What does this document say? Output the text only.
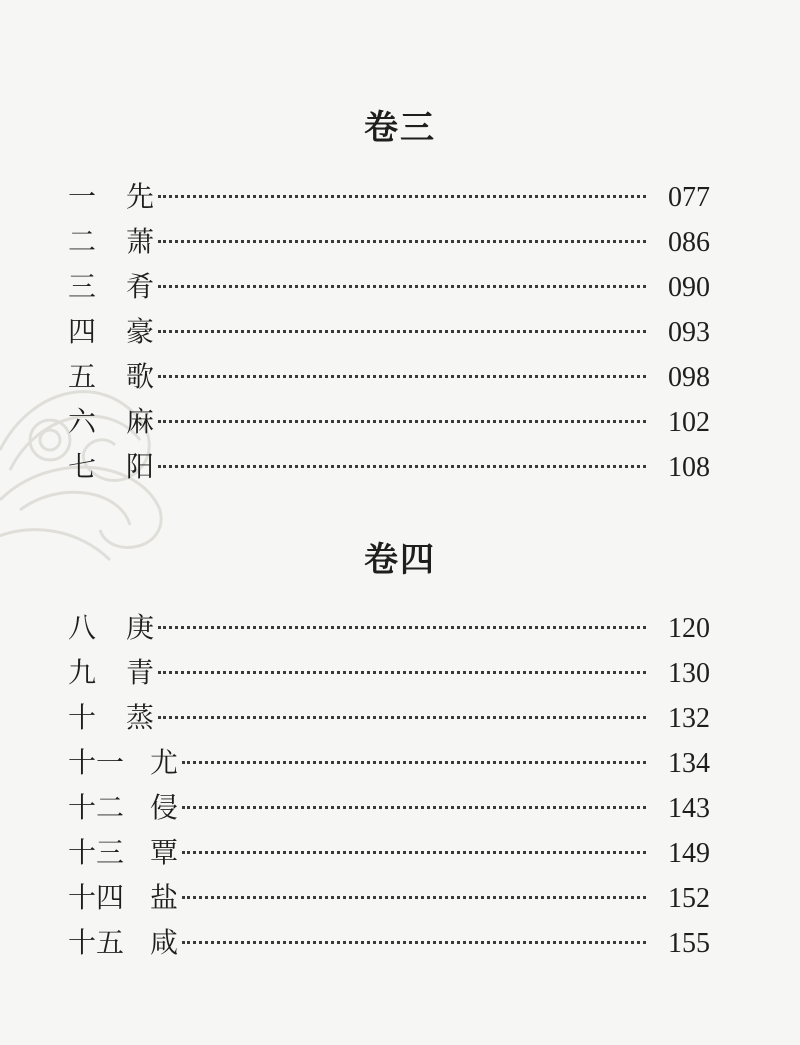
卷三
一	先	077
二	萧	086
三	肴	090
四	豪	093
五	歌	098
六	麻	102
七	阳	108
卷四
八	庚	120
九	青	130
十	蒸	132
十一 尤	134
十二 侵	143
十三 覃	149
十四 盐	152
十五 咸	155
